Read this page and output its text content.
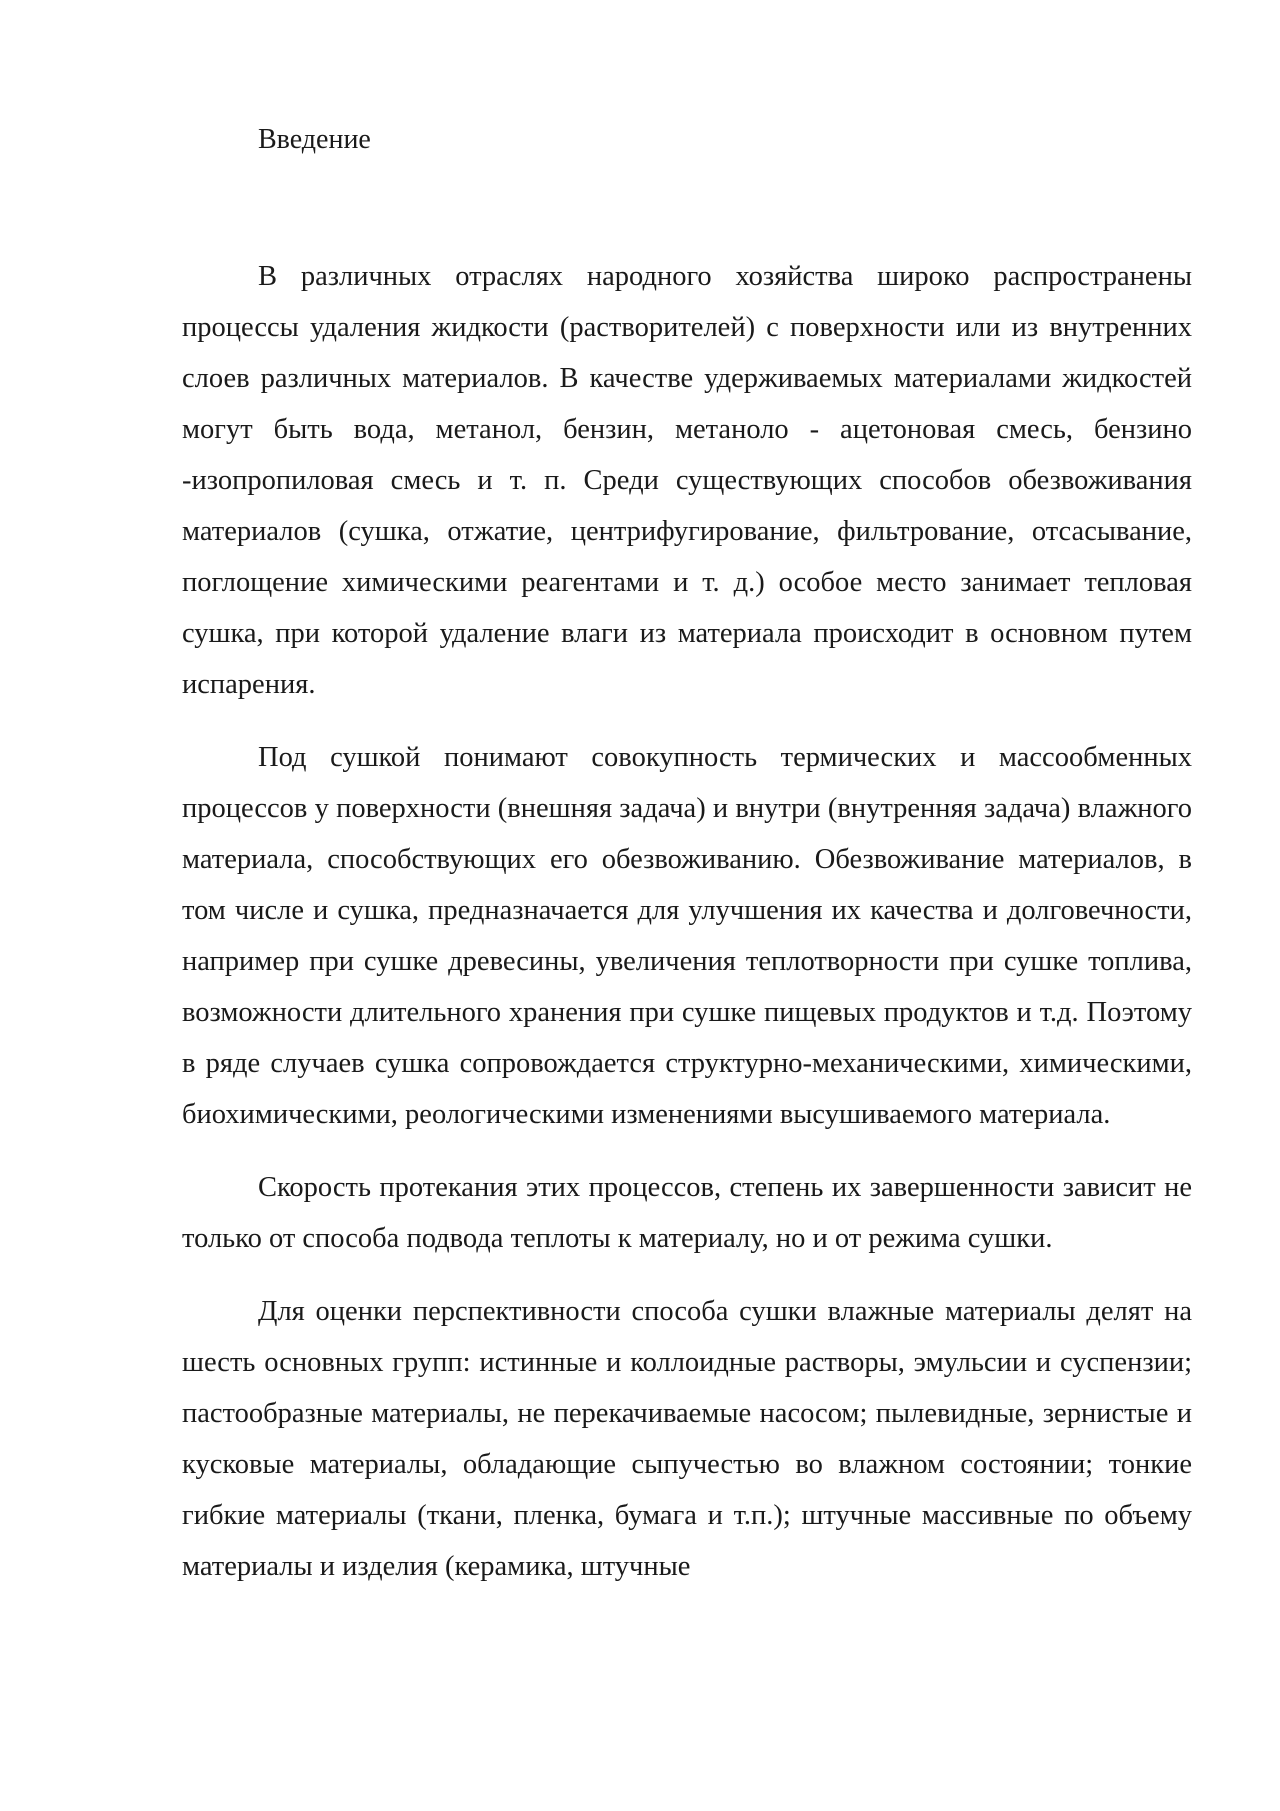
Введение

В различных отраслях народного хозяйства широко распространены процессы удаления жидкости (растворителей) с поверхности или из внутренних слоев различных материалов. В качестве удерживаемых материалами жидкостей могут быть вода, метанол, бензин, метаноло - ацетоновая смесь, бензино -изопропиловая смесь и т. п. Среди существующих способов обезвоживания материалов (сушка, отжатие, центрифугирование, фильтрование, отсасывание, поглощение химическими реагентами и т. д.) особое место занимает тепловая сушка, при которой удаление влаги из материала происходит в основном путем испарения.

Под сушкой понимают совокупность термических и массообменных процессов у поверхности (внешняя задача) и внутри (внутренняя задача) влажного материала, способствующих его обезвоживанию. Обезвоживание материалов, в том числе и сушка, предназначается для улучшения их качества и долговечности, например при сушке древесины, увеличения теплотворности при сушке топлива, возможности длительного хранения при сушке пищевых продуктов и т.д. Поэтому в ряде случаев сушка сопровождается структурно-механическими, химическими, биохимическими, реологическими изменениями высушиваемого материала.

Скорость протекания этих процессов, степень их завершенности зависит не только от способа подвода теплоты к материалу, но и от режима сушки.

Для оценки перспективности способа сушки влажные материалы делят на шесть основных групп: истинные и коллоидные растворы, эмульсии и суспензии; пастообразные материалы, не перекачиваемые насосом; пылевидные, зернистые и кусковые материалы, обладающие сыпучестью во влажном состоянии; тонкие гибкие материалы (ткани, пленка, бумага и т.п.); штучные массивные по объему материалы и изделия (керамика, штучные
